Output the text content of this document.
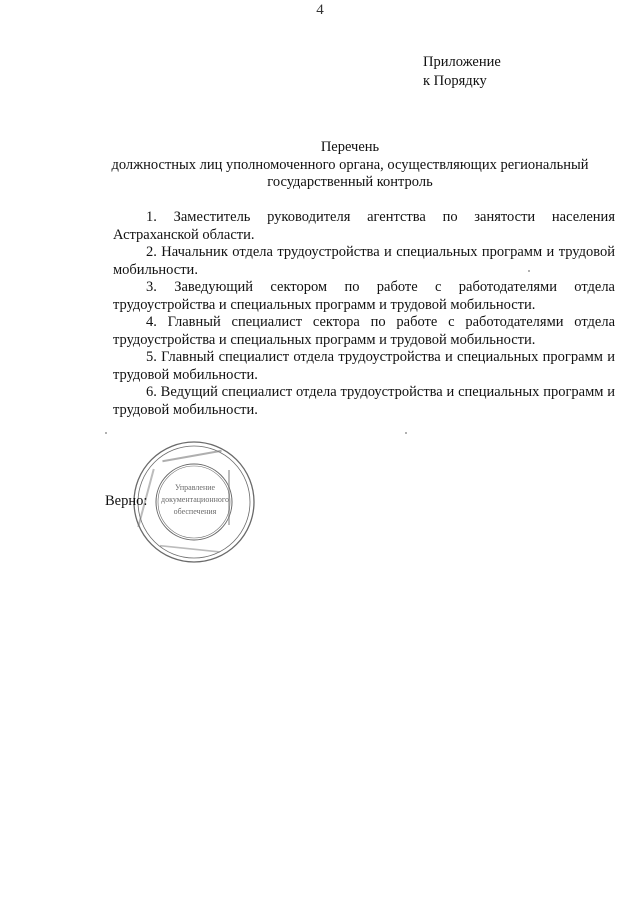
4
Приложение
к Порядку
Перечень
должностных лиц уполномоченного органа, осуществляющих региональный
государственный контроль

1. Заместитель руководителя агентства по занятости населения Астраханской области.

2. Начальник отдела трудоустройства и специальных программ и трудовой мобильности.

3. Заведующий сектором по работе с работодателями отдела трудоустройства и специальных программ и трудовой мобильности.

4. Главный специалист сектора по работе с работодателями отдела трудоустройства и специальных программ и трудовой мобильности.

5. Главный специалист отдела трудоустройства и специальных программ и трудовой мобильности.

6. Ведущий специалист отдела трудоустройства и специальных программ и трудовой мобильности.

Управление
документационного
обеспечения
Верно:
